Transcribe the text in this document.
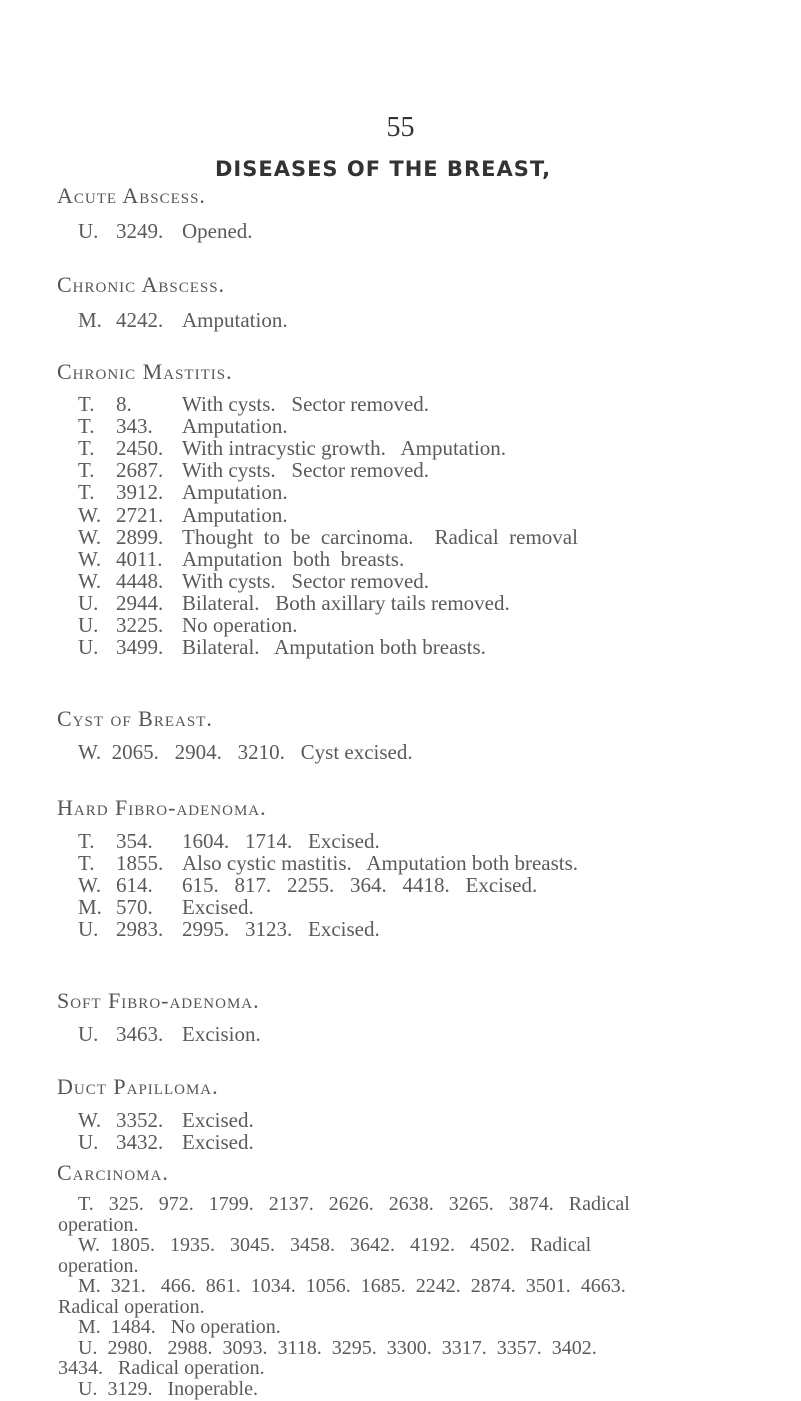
55
DISEASES OF THE BREAST,
Acute Abscess.
U. 3249. Opened.
Chronic Abscess.
M. 4242. Amputation.
Chronic Mastitis.
T. 8. With cysts.   Sector removed.
T. 343. Amputation.
T. 2450. With intracystic growth.   Amputation.
T. 2687. With cysts.   Sector removed.
T. 3912. Amputation.
W. 2721. Amputation.
W. 2899. Thought  to  be  carcinoma.    Radical  removal
W. 4011. Amputation  both  breasts.
W. 4448. With cysts.   Sector removed.
U. 2944. Bilateral.   Both axillary tails removed.
U. 3225. No operation.
U. 3499. Bilateral.   Amputation both breasts.
Cyst of Breast.
W.  2065.   2904.   3210.   Cyst excised.
Hard Fibro-adenoma.
T. 354. 1604.   1714.   Excised.
T. 1855. Also cystic mastitis.   Amputation both breasts.
W. 614. 615.   817.   2255.   364.   4418.   Excised.
M. 570. Excised.
U. 2983. 2995.   3123.   Excised.
Soft Fibro-adenoma.
U. 3463. Excision.
Duct Papilloma.
W. 3352. Excised.
U. 3432. Excised.
Carcinoma.
T.   325.   972.   1799.   2137.   2626.   2638.   3265.   3874.   Radical
operation.
W.  1805.   1935.   3045.   3458.   3642.   4192.   4502.   Radical
operation.
M.  321.   466.  861.  1034.  1056.  1685.  2242.  2874.  3501.  4663.
Radical operation.
M.  1484.   No operation.
U.  2980.   2988.  3093.  3118.  3295.  3300.  3317.  3357.  3402.
3434.   Radical operation.
U.  3129.   Inoperable.
